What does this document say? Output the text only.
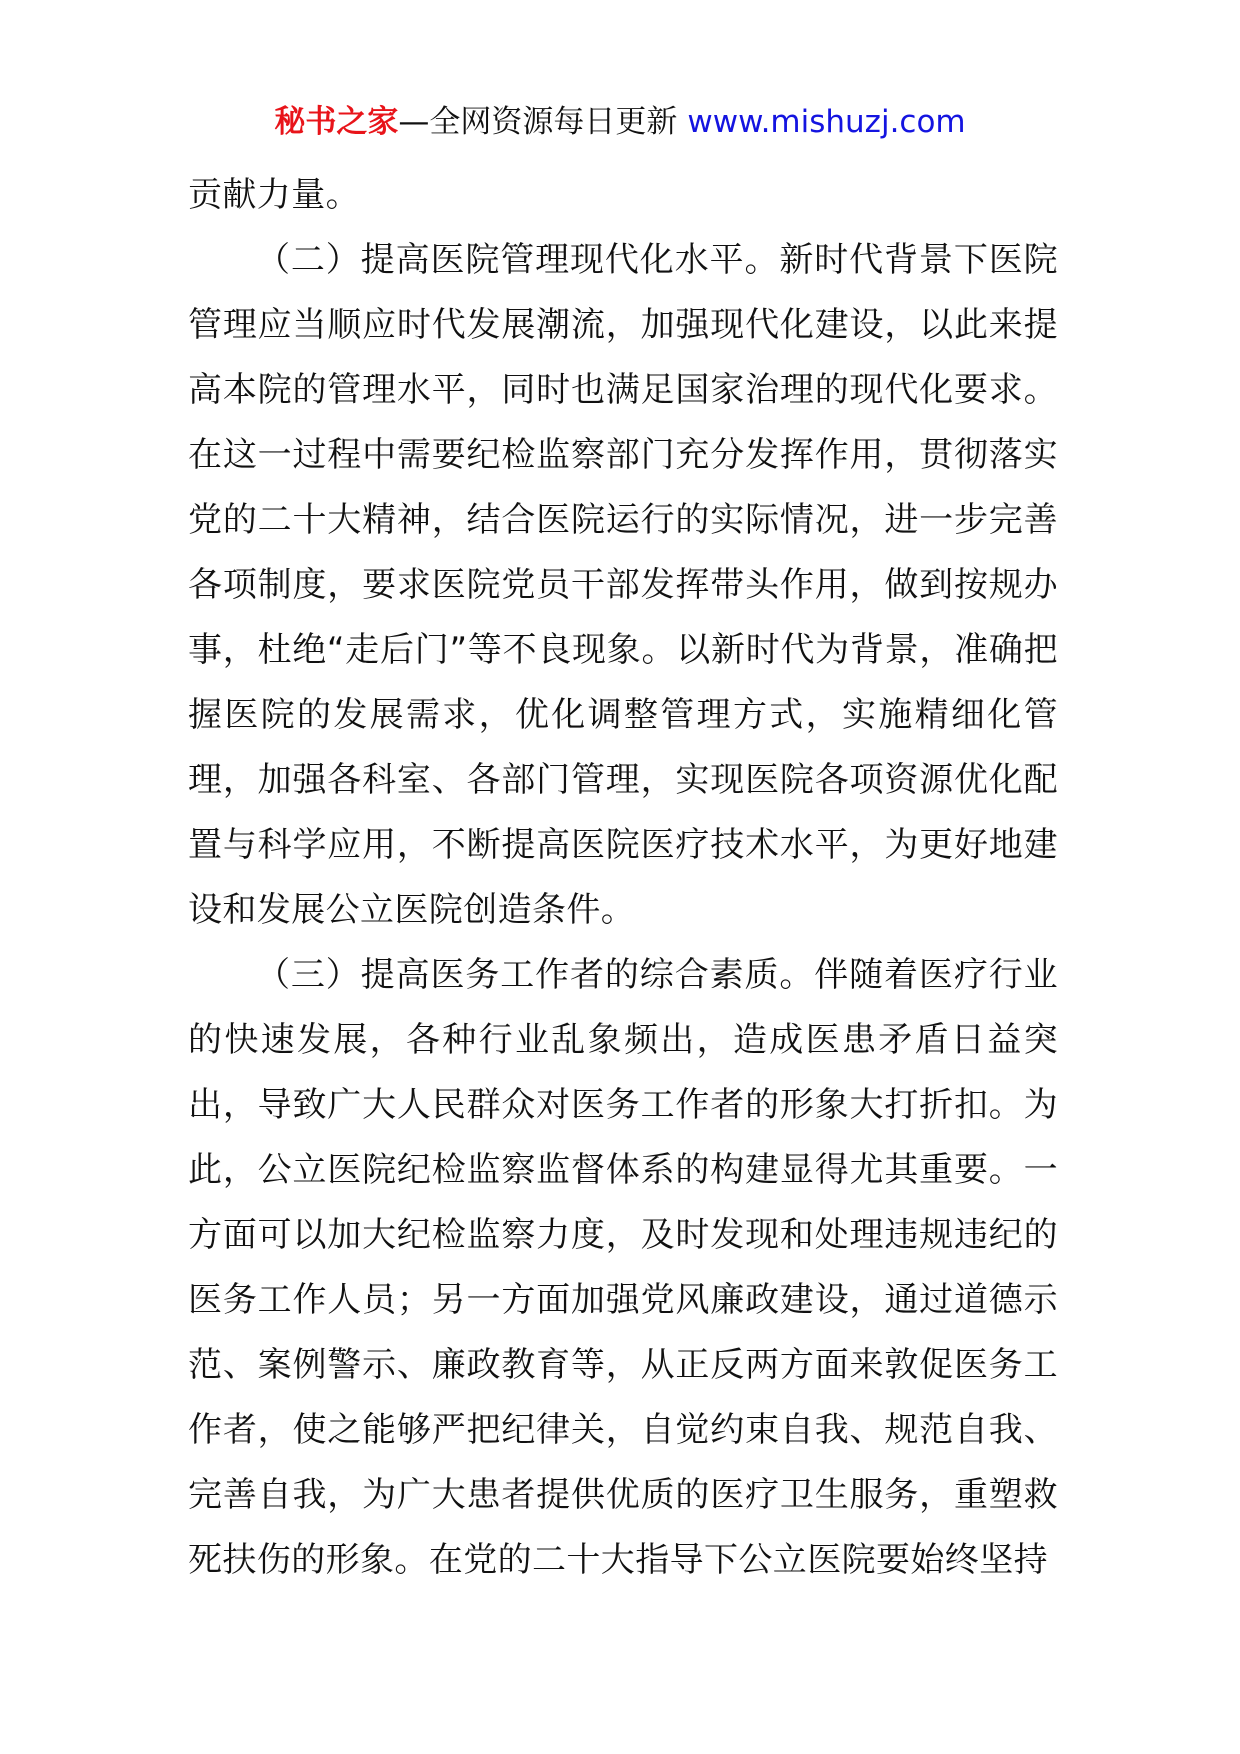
秘书之家—全网资源每日更新 www.mishuzj.com

贡献力量。

（二）提高医院管理现代化水平。新时代背景下医院管理应当顺应时代发展潮流，加强现代化建设，以此来提高本院的管理水平，同时也满足国家治理的现代化要求。在这一过程中需要纪检监察部门充分发挥作用，贯彻落实党的二十大精神，结合医院运行的实际情况，进一步完善各项制度，要求医院党员干部发挥带头作用，做到按规办事，杜绝“走后门”等不良现象。以新时代为背景，准确把握医院的发展需求，优化调整管理方式，实施精细化管理，加强各科室、各部门管理，实现医院各项资源优化配置与科学应用，不断提高医院医疗技术水平，为更好地建设和发展公立医院创造条件。

（三）提高医务工作者的综合素质。伴随着医疗行业的快速发展，各种行业乱象频出，造成医患矛盾日益突出，导致广大人民群众对医务工作者的形象大打折扣。为此，公立医院纪检监察监督体系的构建显得尤其重要。一方面可以加大纪检监察力度，及时发现和处理违规违纪的医务工作人员；另一方面加强党风廉政建设，通过道德示范、案例警示、廉政教育等，从正反两方面来敦促医务工作者，使之能够严把纪律关，自觉约束自我、规范自我、完善自我，为广大患者提供优质的医疗卫生服务，重塑救死扶伤的形象。在党的二十大指导下公立医院要始终坚持
